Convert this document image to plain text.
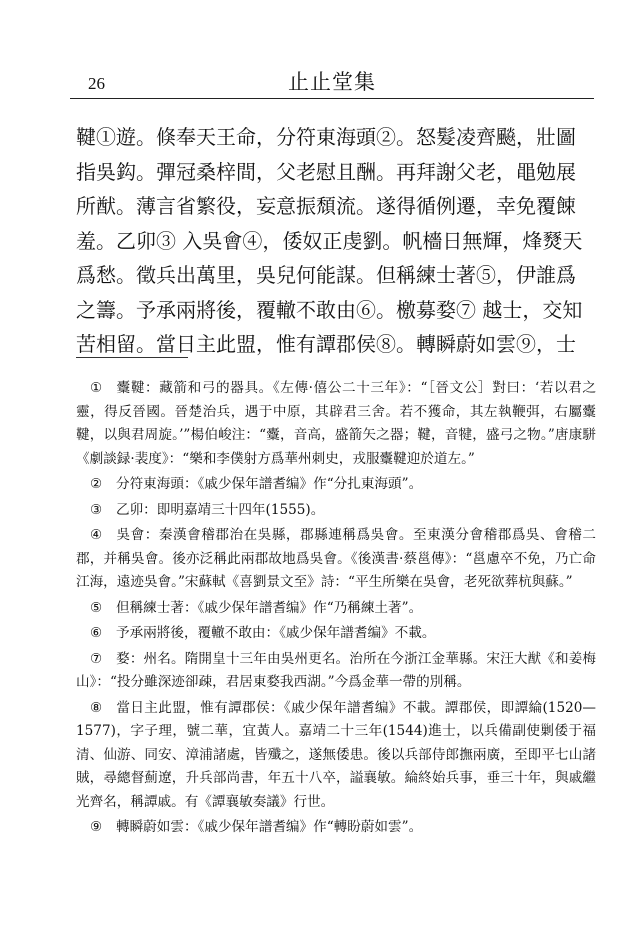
26	止止堂集
鞬①遊。倏奉天王命，分符東海頭②。怒髮凌齊飈，壯圖
指吳鈎。彈冠桑梓間，父老慰且酬。再拜謝父老，黽勉展
所猷。薄言省繁役，妄意振頹流。遂得循例遷，幸免覆餗
羞。乙卯③ 入吳會④，倭奴正虔劉。帆檣日無輝，烽燹天
爲愁。徵兵出萬里，吳兒何能謀。但稱練士著⑤，伊誰爲
之籌。予承兩將後，覆轍不敢由⑥。檄募婺⑦ 越士，交知
苦相留。當日主此盟，惟有譚郡侯⑧。轉瞬蔚如雲⑨，士

① 櫜鞬：藏箭和弓的器具。《左傳·僖公二十三年》：“［晉文公］對曰：‘若以君之靈，得反晉國。晉楚治兵，遇于中原，其辟君三舍。若不獲命，其左執鞭弭，右屬櫜鞬，以與君周旋。’”楊伯峻注：“櫜，音高，盛箭矢之器；鞬，音犍，盛弓之物。”唐康駢《劇談録·裴度》：“樂和李僕射方爲華州刺史，戎服櫜鞬迎於道左。”

② 分符東海頭：《戚少保年譜耆编》作“分扎東海頭”。

③ 乙卯：即明嘉靖三十四年(1555)。

④ 吳會：秦漢會稽郡治在吳縣，郡縣連稱爲吳會。至東漢分會稽郡爲吳、會稽二郡，并稱吳會。後亦泛稱此兩郡故地爲吳會。《後漢書·蔡邕傳》：“邕慮卒不免，乃亡命江海，遠迹吳會。”宋蘇軾《喜劉景文至》詩：“平生所樂在吳會，老死欲葬杭與蘇。”

⑤ 但稱練士著：《戚少保年譜耆编》作“乃稱練土著”。

⑥ 予承兩將後，覆轍不敢由：《戚少保年譜耆编》不載。

⑦ 婺：州名。隋開皇十三年由吳州更名。治所在今浙江金華縣。宋汪大猷《和姜梅山》：“投分雖深迹卻疎，君居東婺我西湖。”今爲金華一帶的別稱。

⑧ 當日主此盟，惟有譚郡侯：《戚少保年譜耆编》不載。譚郡侯，即譚綸(1520—1577)，字子理，號二華，宜黃人。嘉靖二十三年(1544)進士，以兵備副使剿倭于福清、仙游、同安、漳浦諸處，皆殲之，遂無倭患。後以兵部侍郎撫兩廣，至即平七山諸賊，尋總督薊遼，升兵部尚書，年五十八卒，謚襄敏。綸終始兵事，垂三十年，與戚繼光齊名，稱譚戚。有《譚襄敏奏議》行世。

⑨ 轉瞬蔚如雲：《戚少保年譜耆编》作“轉盼蔚如雲”。
